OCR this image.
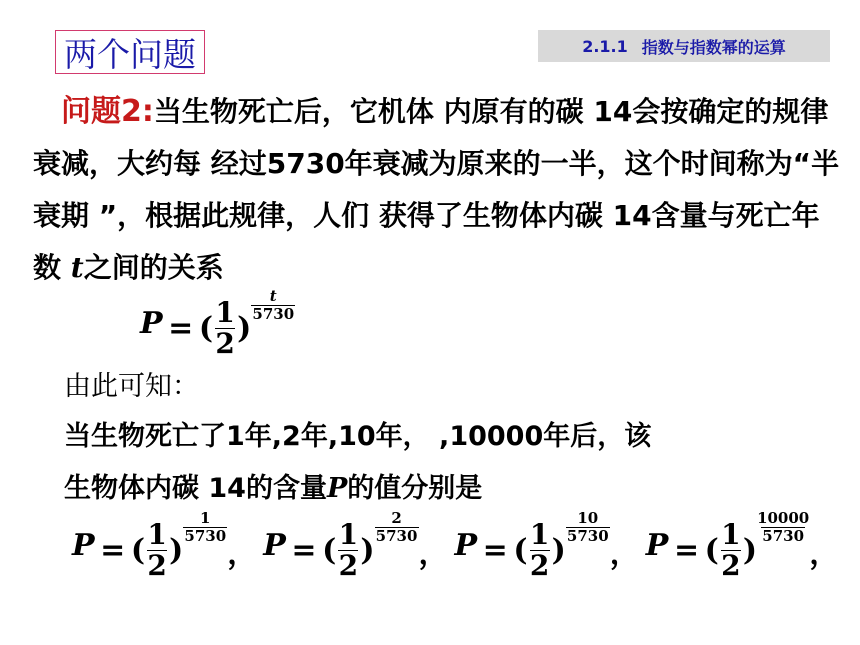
两个问题	2.1.1 指数与指数幂的运算
问题2:当生物死亡后，它机体 内原有的碳 14会按确定的规律衰减，大约每 经过5730年衰减为原来的一半，这个时间称为“半衰期 ”，根据此规律，人们 获得了生物体内碳 14含量与死亡年数 t之间的关系
P = ( $\frac{1}{2}$ )
$\frac{t}{5730}$
由此可知：
当生物死亡了1年,2年,10年， ,10000年后，该
生物体内碳 14的含量P的值分别是
P = ( $\frac{1}{2}$ )
$\frac{1}{5730}$
， P = ( $\frac{1}{2}$ )
$\frac{2}{5730}$
， P = ( $\frac{1}{2}$ )
$\frac{10}{5730}$
， P = ( $\frac{1}{2}$ )
$\frac{10000}{5730}$
，
